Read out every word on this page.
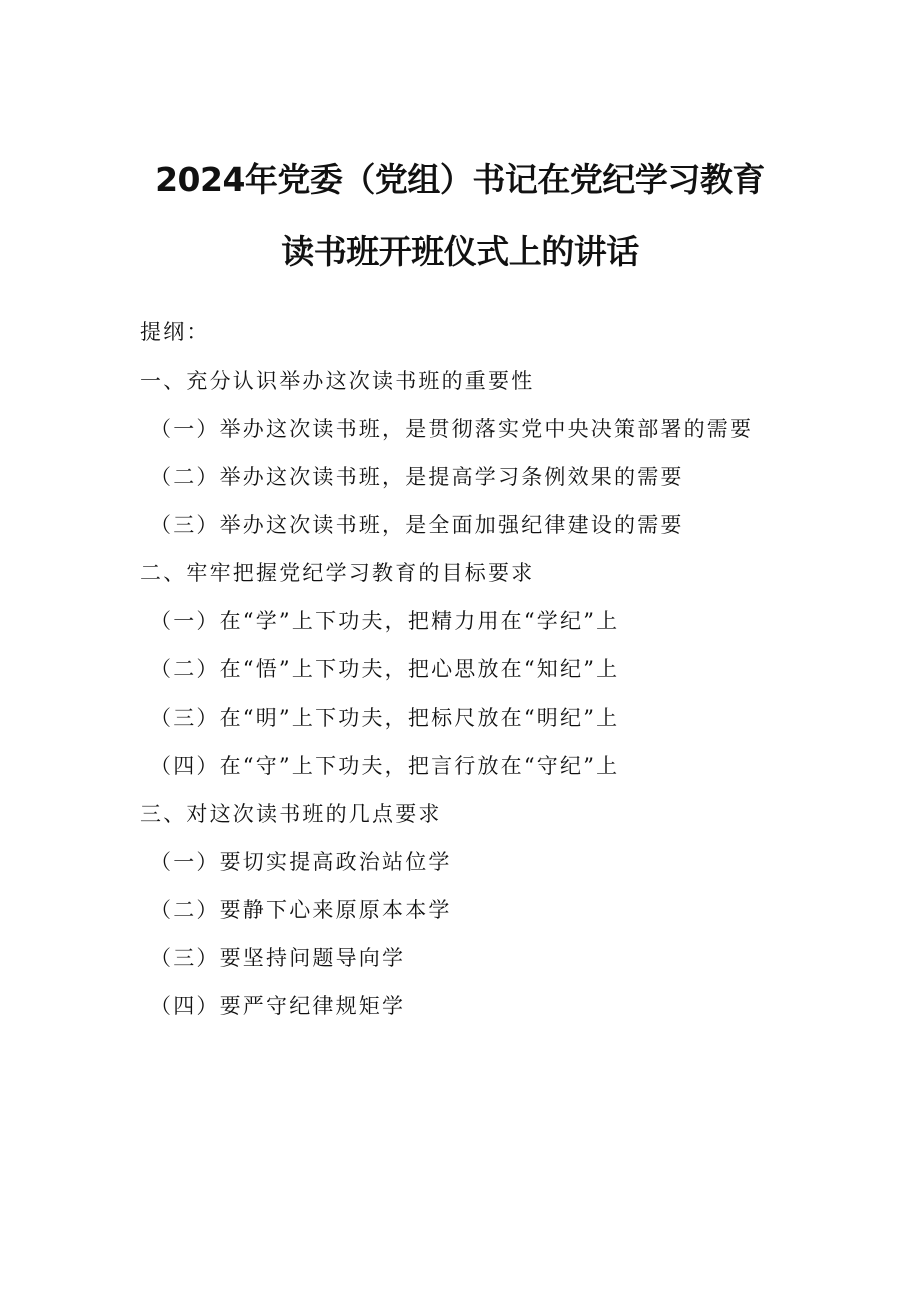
2024年党委（党组）书记在党纪学习教育
读书班开班仪式上的讲话

提纲：

一、充分认识举办这次读书班的重要性

（一）举办这次读书班，是贯彻落实党中央决策部署的需要

（二）举办这次读书班，是提高学习条例效果的需要

（三）举办这次读书班，是全面加强纪律建设的需要

二、牢牢把握党纪学习教育的目标要求

（一）在“学”上下功夫，把精力用在“学纪”上

（二）在“悟”上下功夫，把心思放在“知纪”上

（三）在“明”上下功夫，把标尺放在“明纪”上

（四）在“守”上下功夫，把言行放在“守纪”上

三、对这次读书班的几点要求

（一）要切实提高政治站位学

（二）要静下心来原原本本学

（三）要坚持问题导向学

（四）要严守纪律规矩学
